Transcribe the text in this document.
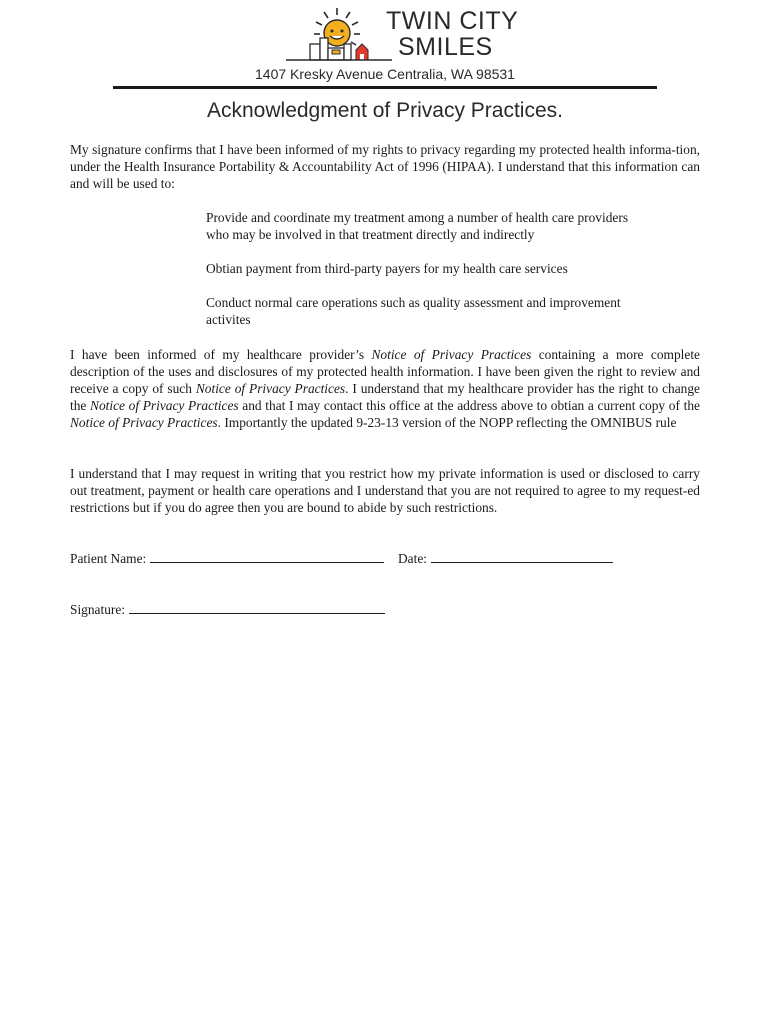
TWIN CITY
SMILES
1407 Kresky Avenue Centralia, WA 98531
Acknowledgment of Privacy Practices.

My signature confirms that I have been informed of my rights to privacy regarding my protected health informa-tion, under the Health Insurance Portability & Accountability Act of 1996 (HIPAA). I understand that this information can and will be used to:

Provide and coordinate my treatment among a number of health care providers who may be involved in that treatment directly and indirectly
Obtian payment from third-party payers for my health care services
Conduct normal care operations such as quality assessment and improvement activites

I have been informed of my healthcare provider’s Notice of Privacy Practices containing a more complete description of the uses and disclosures of my protected health information. I have been given the right to review and receive a copy of such Notice of Privacy Practices. I understand that my healthcare provider has the right to change the Notice of Privacy Practices and that I may contact this office at the address above to obtian a current copy of the Notice of Privacy Practices. Importantly the updated 9-23-13 version of the NOPP reflecting the OMNIBUS rule

I understand that I may request in writing that you restrict how my private information is used or disclosed to carry out treatment, payment or health care operations and I understand that you are not required to agree to my request-ed restrictions but if you do agree then you are bound to abide by such restrictions.

Patient Name:	Date:
Signature:
